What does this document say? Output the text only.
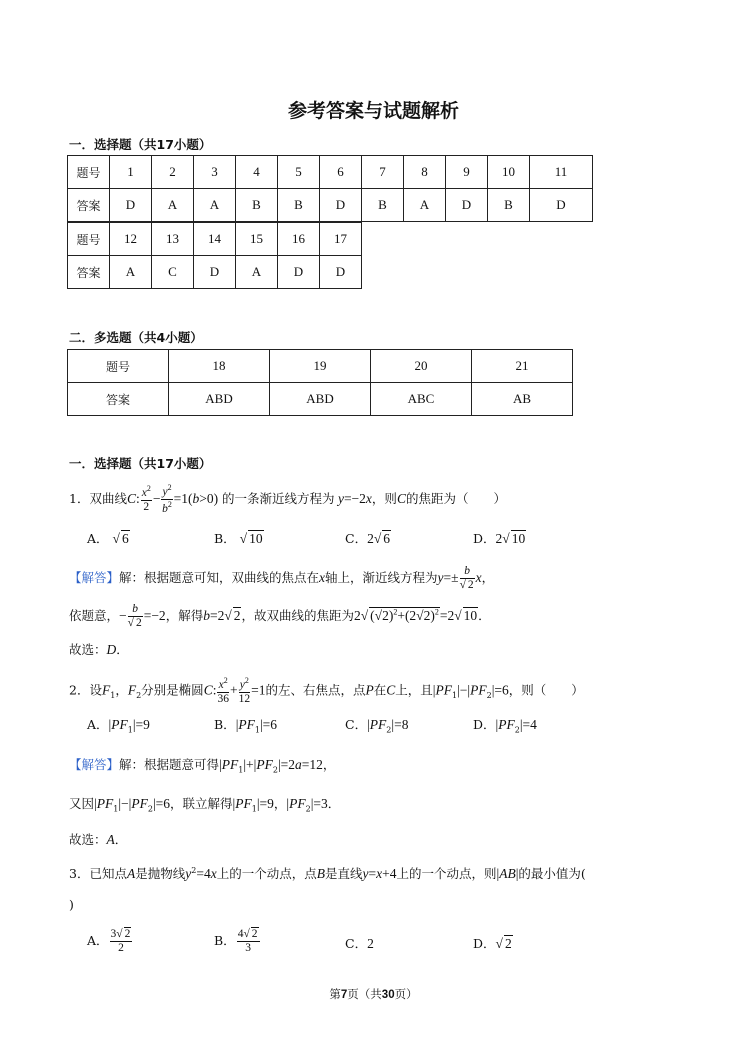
参考答案与试题解析
一．选择题（共17小题）
题号	1	2	3	4	5	6	7	8	9	10	11
答案	D	A	A	B	B	D	B	A	D	B	D
题号	12	13	14	15	16	17
答案	A	C	D	A	D	D
二．多选题（共4小题）
题号	18	19	20	21
答案	ABD	ABD	ABC	AB
一．选择题（共17小题）
1．双曲线C: $\frac{x^2}{2} - \frac{y^2}{b^2} =1(b>0)$ 的一条渐近线方程为 y=−2x，则C的焦距为（　　）
A． √ 6	B． √ 10	C．2√ 6	D．2√ 10
【解答】解：根据题意可知，双曲线的焦点在x轴上，渐近线方程为$y=\pm \frac{b}{√ 2}$ x，
依题意，− $\frac{b}{√ 2} =-2$，解得b=2√ 2，故双曲线的焦距为2√ $(√2)^2+(2√2)^2=2√$ 10．
故选：D．
2．设$F_1$，$F_2$分别是椭圆C: $\frac{x^2}{36} + \frac{y^2}{12} =1$的左、右焦点，点P在C上，且$|PF_1|-|PF_2|=6$，则（　　）
A．$|PF_1|=9$	B．$|PF_1|=6$	C．$|PF_2|=8$	D．$|PF_2|=4$
【解答】解：根据题意可得$|PF_1|+|PF_2|=2a=12$，
又因$|PF_1|-|PF_2|=6$，联立解得$|PF_1|=9$，$|PF_2|=3$．
故选：A．
3．已知点A是抛物线$y^2=4x$上的一个动点，点B是直线y=x+4上的一个动点，则|AB|的最小值为(
)
A． $\frac{3√ 2}{2}$	B． $\frac{4√ 2}{3}$	C．2	D．√ 2
第7页（共30页）
